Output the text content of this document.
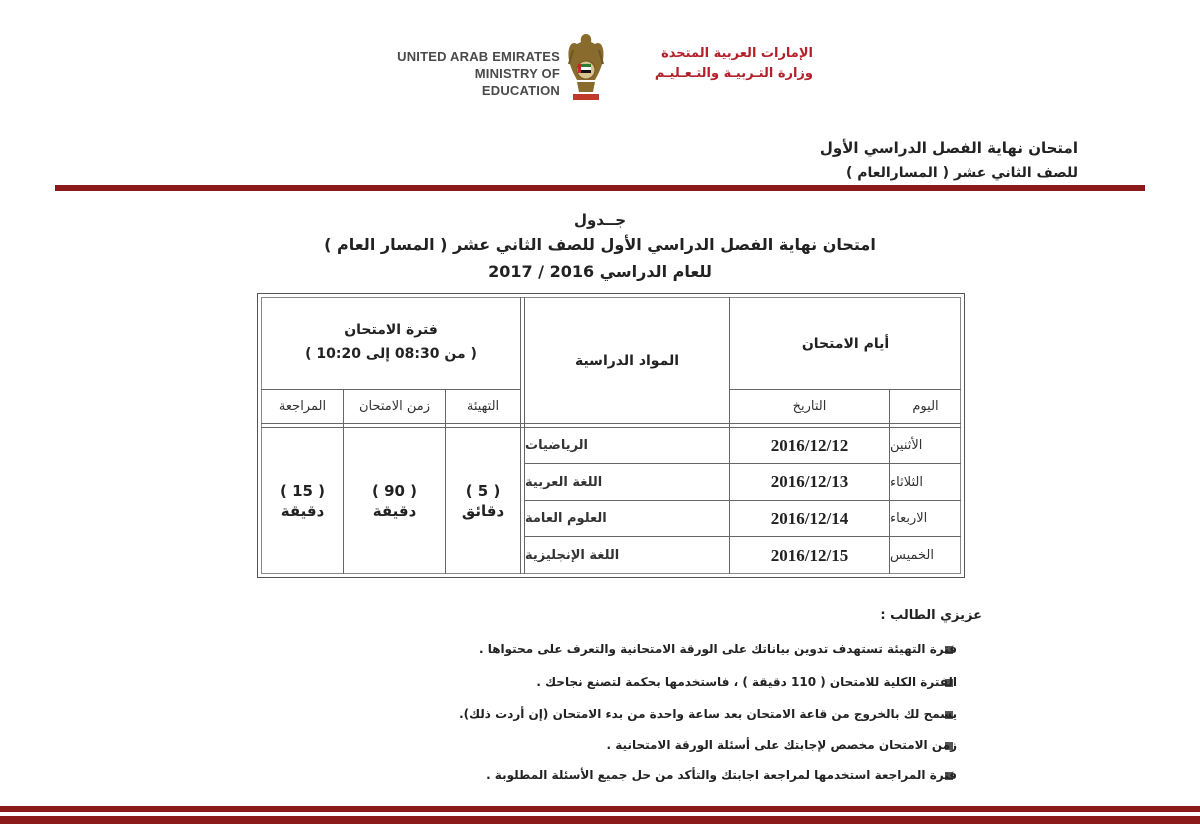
UNITED ARAB EMIRATES
MINISTRY OF EDUCATION
الإمارات العربية المتحدة
وزارة التـربيـة والتـعـليـم
امتحان نهاية الفصل الدراسي الأول
للصف الثاني عشر ( المسارالعام )
جــدول
امتحان نهاية الفصل الدراسي الأول للصف الثاني عشر ( المسار العام )
للعام الدراسي 2016 / 2017
أيام الامتحان
المواد الدراسية
فترة الامتحان
( من 08:30 إلى 10:20 )
اليوم
التاريخ
التهيئة
زمن الامتحان
المراجعة
الأثنين
2016/12/12
الرياضيات
الثلاثاء
2016/12/13
اللغة العربية
الاربعاء
2016/12/14
العلوم العامة
الخميس
2016/12/15
اللغة الإنجليزية
( 5 )
دقائق
( 90 )
دقيقة
( 15 )
دقيقة
عزيزي الطالب :
فترة التهيئة تستهدف تدوين بياناتك على الورقة الامتحانية والتعرف على محتواها .
الفترة الكلية للامتحان ( 110 دقيقة ) ، فاستخدمها بحكمة لتصنع نجاحك .
يسمح لك بالخروج من قاعة الامتحان بعد ساعة واحدة من بدء الامتحان (إن أردت ذلك).
زمن الامتحان مخصص لإجابتك على أسئلة الورقة الامتحانية .
فترة المراجعة استخدمها لمراجعة اجابتك والتأكد من حل جميع الأسئلة المطلوبة .
